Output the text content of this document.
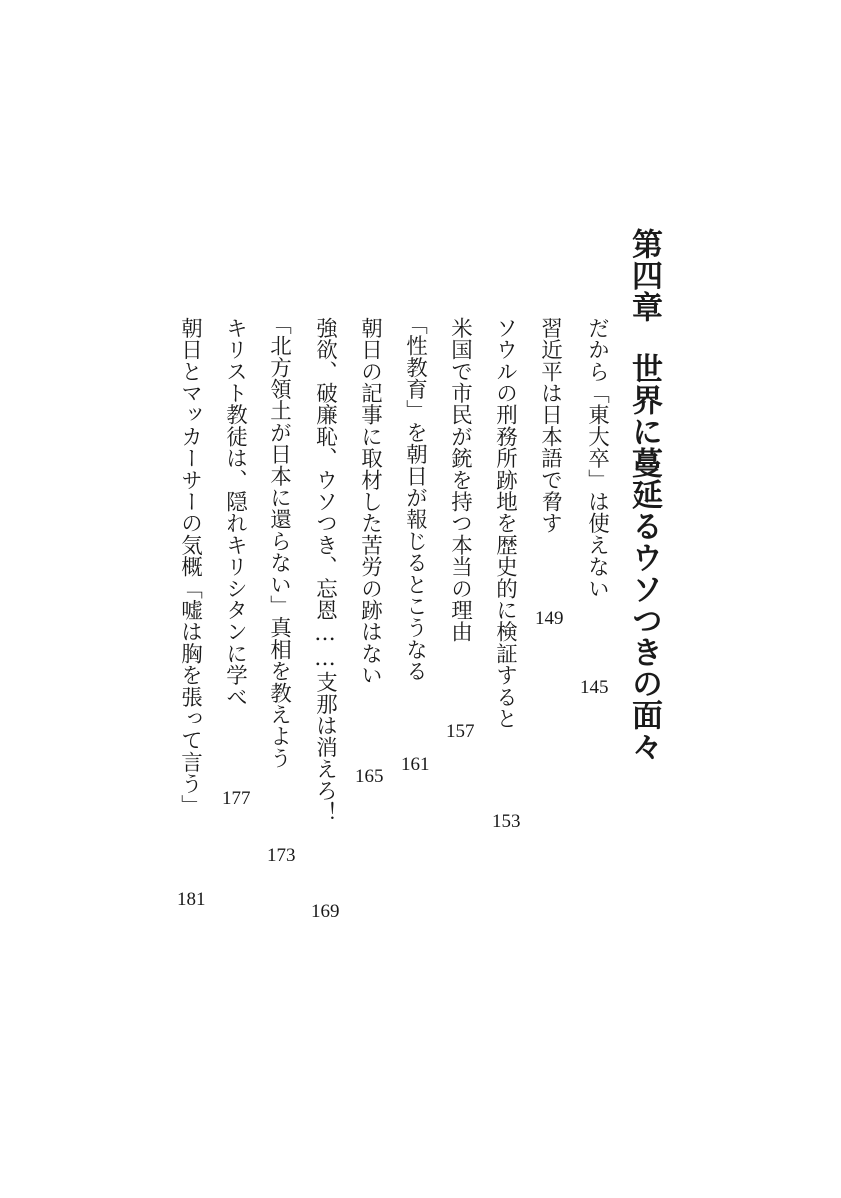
第四章世界に蔓延るウソつきの面々
だから「東大卒」は使えない
145
習近平は日本語で脅す
149
ソウルの刑務所跡地を歴史的に検証すると
153
米国で市民が銃を持つ本当の理由
157
「性教育」を朝日が報じるとこうなる
161
朝日の記事に取材した苦労の跡はない
165
強欲、破廉恥、ウソつき、忘恩……支那は消えろ！
169
「北方領土が日本に還らない」真相を教えよう
173
キリスト教徒は、隠れキリシタンに学べ
177
朝日とマッカーサーの気概「嘘は胸を張って言う」
181
